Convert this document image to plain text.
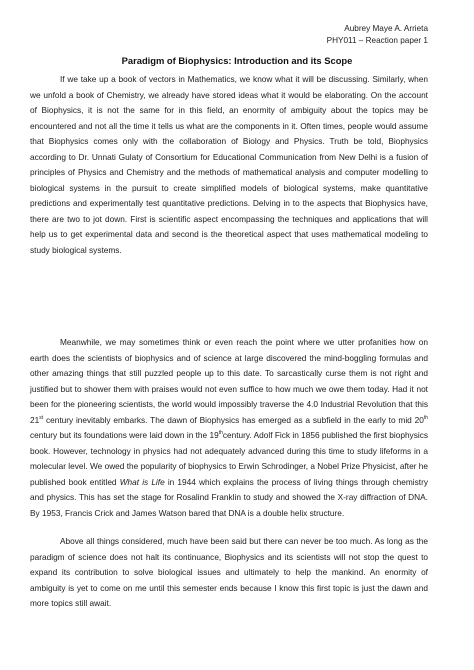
Aubrey Maye A. Arrieta
PHY011 – Reaction paper 1
Paradigm of Biophysics: Introduction and its Scope

If we take up a book of vectors in Mathematics, we know what it will be discussing. Similarly, when we unfold a book of Chemistry, we already have stored ideas what it would be elaborating. On the account of Biophysics, it is not the same for in this field, an enormity of ambiguity about the topics may be encountered and not all the time it tells us what are the components in it. Often times, people would assume that Biophysics comes only with the collaboration of Biology and Physics. Truth be told, Biophysics according to Dr. Unnati Gulaty of Consortium for Educational Communication from New Delhi is a fusion of principles of Physics and Chemistry and the methods of mathematical analysis and computer modelling to biological systems in the pursuit to create simplified models of biological systems, make quantitative predictions and experimentally test quantitative predictions. Delving in to the aspects that Biophysics have, there are two to jot down. First is scientific aspect encompassing the techniques and applications that will help us to get experimental data and second is the theoretical aspect that uses mathematical modeling to study biological systems.

Meanwhile, we may sometimes think or even reach the point where we utter profanities how on earth does the scientists of biophysics and of science at large discovered the mind-boggling formulas and other amazing things that still puzzled people up to this date. To sarcastically curse them is not right and justified but to shower them with praises would not even suffice to how much we owe them today. Had it not been for the pioneering scientists, the world would impossibly traverse the 4.0 Industrial Revolution that this 21st century inevitably embarks. The dawn of Biophysics has emerged as a subfield in the early to mid 20th century but its foundations were laid down in the 19thcentury. Adolf Fick in 1856 published the first biophysics book. However, technology in physics had not adequately advanced during this time to study lifeforms in a molecular level. We owed the popularity of biophysics to Erwin Schrodinger, a Nobel Prize Physicist, after he published book entitled What is Life in 1944 which explains the process of living things through chemistry and physics. This has set the stage for Rosalind Franklin to study and showed the X-ray diffraction of DNA. By 1953, Francis Crick and James Watson bared that DNA is a double helix structure.

Above all things considered, much have been said but there can never be too much. As long as the paradigm of science does not halt its continuance, Biophysics and its scientists will not stop the quest to expand its contribution to solve biological issues and ultimately to help the mankind. An enormity of ambiguity is yet to come on me until this semester ends because I know this first topic is just the dawn and more topics still await.
